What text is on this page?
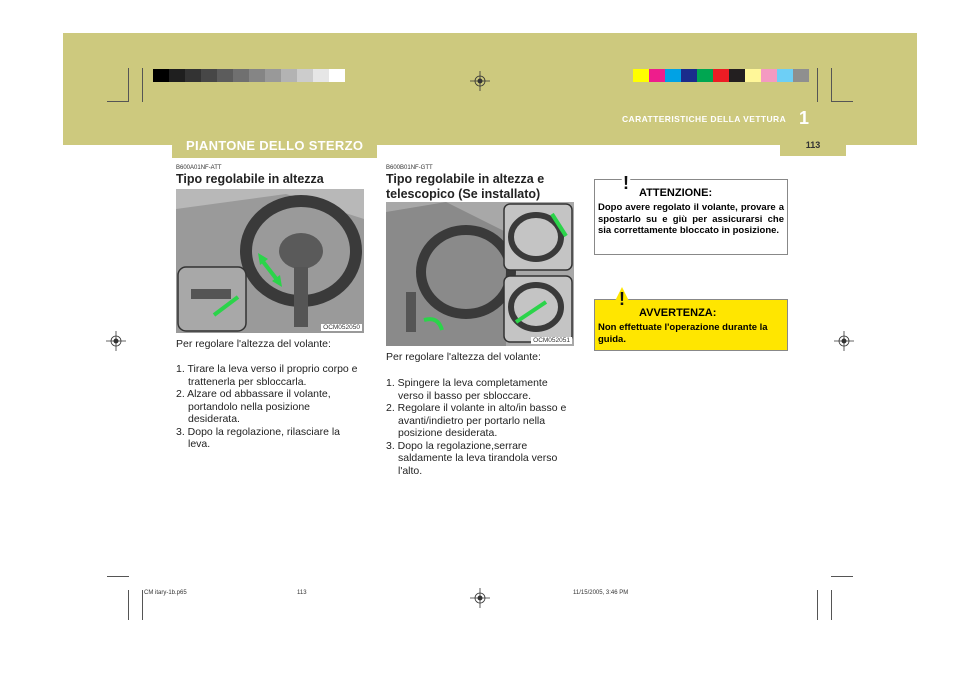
CARATTERISTICHE DELLA VETTURA 1
PIANTONE DELLO STERZO	113
B600A01NF-ATT
Tipo regolabile in altezza
OCM052050
Per regolare l'altezza del volante:
1. Tirare la leva verso il proprio corpo e trattenerla per sbloccarla.
2. Alzare od abbassare il volante, portandolo nella posizione desiderata.
3. Dopo la regolazione, rilasciare la leva.
B600B01NF-GTT
Tipo regolabile in altezza e
telescopico (Se installato)
OCM052051
Per regolare l'altezza del volante:
1. Spingere la leva completamente verso il basso per sbloccare.
2. Regolare il volante in alto/in basso e avanti/indietro per portarlo nella posizione desiderata.
3. Dopo la regolazione,serrare saldamente la leva tirandola verso l'alto.
! ATTENZIONE:
Dopo avere regolato il volante, provare a spostarlo su e giù per assicurarsi che sia correttamente bloccato in posizione.
!
AVVERTENZA:
Non effettuate l'operazione durante la guida.
CM itary-1b.p65	113	11/15/2005, 3:46 PM
